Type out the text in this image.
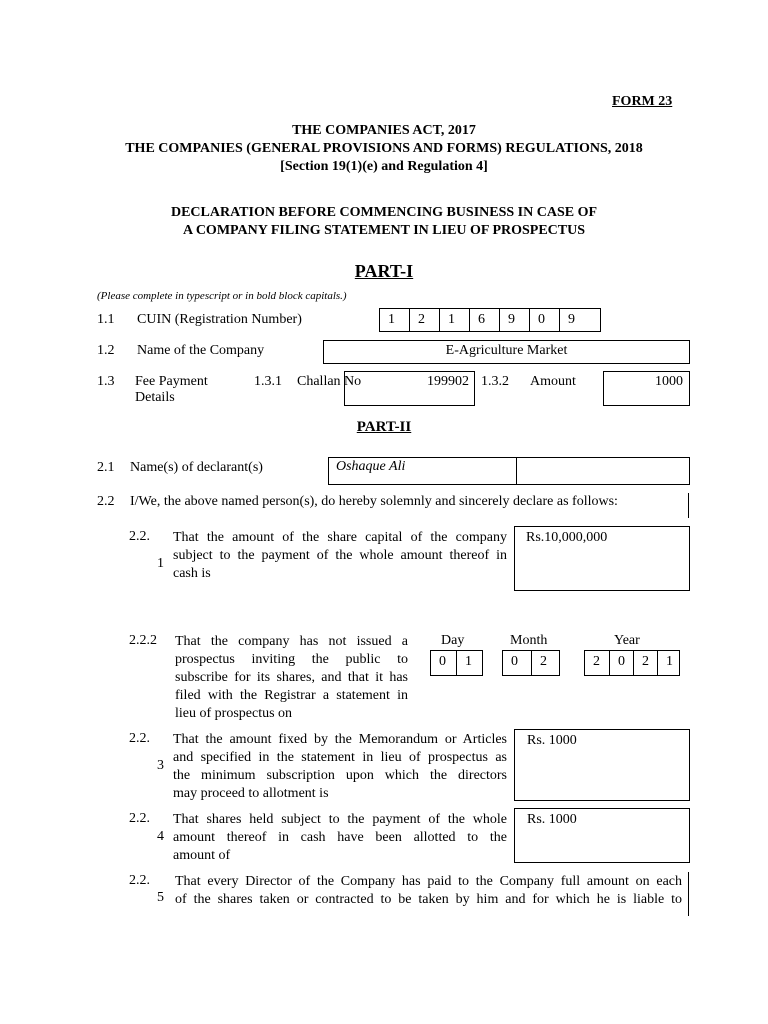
FORM 23
THE COMPANIES ACT, 2017
THE COMPANIES (GENERAL PROVISIONS AND FORMS) REGULATIONS, 2018
[Section 19(1)(e) and Regulation 4]
DECLARATION BEFORE COMMENCING BUSINESS IN CASE OF
A COMPANY FILING STATEMENT IN LIEU OF PROSPECTUS
PART-I
(Please complete in typescript or in bold block capitals.)
1.1 CUIN (Registration Number)	1	2	1	6	9	0	9
1.2 Name of the Company	E-Agriculture Market
1.3 Fee Payment
Details
1.3.1 Challan No	199902 1.3.2 Amount	1000
PART-II
2.1 Name(s) of declarant(s)	Oshaque Ali
2.2 I/We, the above named person(s), do hereby solemnly and sincerely declare as follows:
2.2.
1
That the amount of the share capital of the company
subject to the payment of the whole amount thereof in
cash is
Rs.10,000,000
2.2.2 That the company has not issued a
prospectus inviting the public to
subscribe for its shares, and that it has
filed with the Registrar a statement in
lieu of prospectus on
Day	Month	Year
0	1	0	2	2	0	2	1
2.2.
3
That the amount fixed by the Memorandum or Articles
and specified in the statement in lieu of prospectus as
the minimum subscription upon which the directors
may proceed to allotment is
Rs. 1000
2.2.
4
That shares held subject to the payment of the whole
amount thereof in cash have been allotted to the
amount of
Rs. 1000
2.2.
5
That every Director of the Company has paid to the Company full amount on each
of the shares taken or contracted to be taken by him and for which he is liable to
